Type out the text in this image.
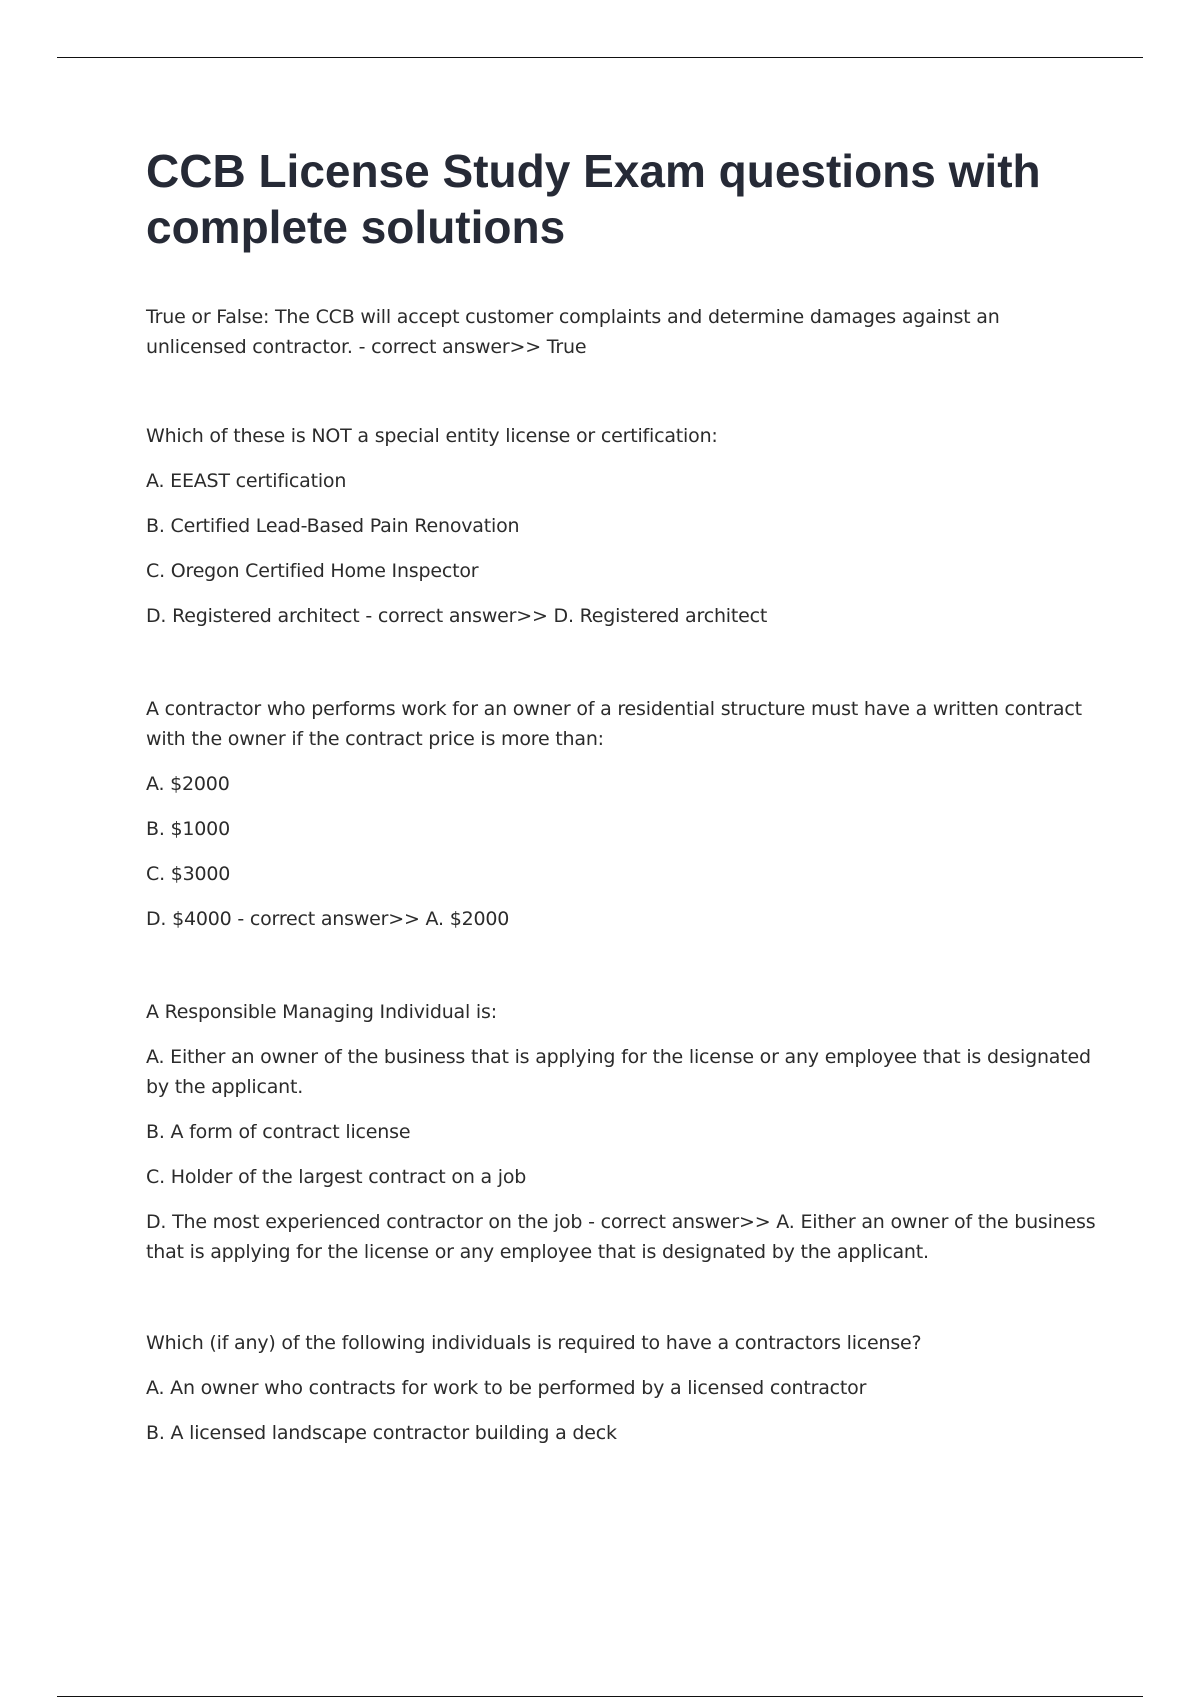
CCB License Study Exam questions with complete solutions

True or False: The CCB will accept customer complaints and determine damages against an unlicensed contractor. - correct answer>> True

Which of these is NOT a special entity license or certification:

A. EEAST certification

B. Certified Lead-Based Pain Renovation

C. Oregon Certified Home Inspector

D. Registered architect - correct answer>> D. Registered architect

A contractor who performs work for an owner of a residential structure must have a written contract with the owner if the contract price is more than:

A. $2000

B. $1000

C. $3000

D. $4000 - correct answer>> A. $2000

A Responsible Managing Individual is:

A. Either an owner of the business that is applying for the license or any employee that is designated by the applicant.

B. A form of contract license

C. Holder of the largest contract on a job

D. The most experienced contractor on the job - correct answer>> A. Either an owner of the business that is applying for the license or any employee that is designated by the applicant.

Which (if any) of the following individuals is required to have a contractors license?

A. An owner who contracts for work to be performed by a licensed contractor

B. A licensed landscape contractor building a deck
